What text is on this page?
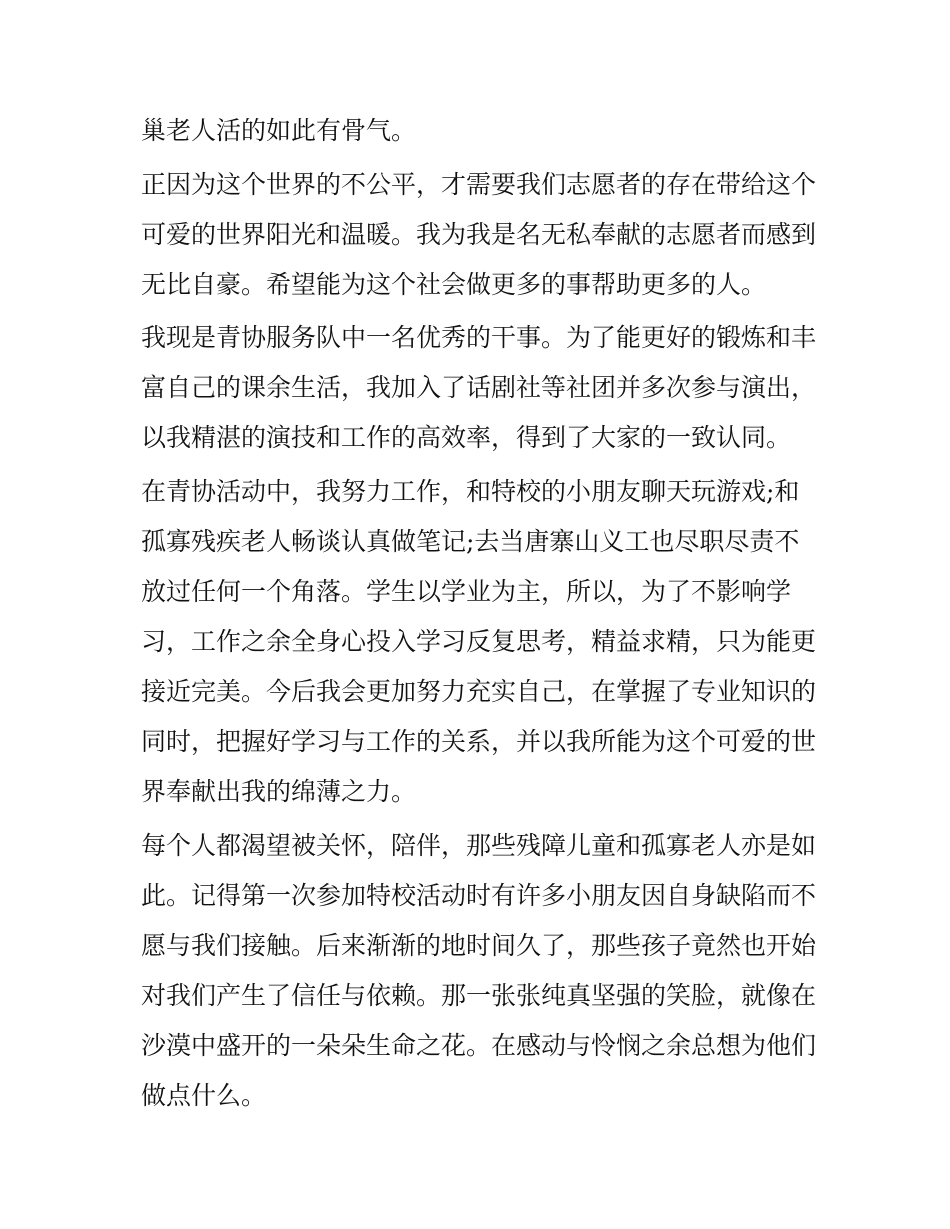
巢老人活的如此有骨气。
正因为这个世界的不公平，才需要我们志愿者的存在带给这个
可爱的世界阳光和温暖。我为我是名无私奉献的志愿者而感到
无比自豪。希望能为这个社会做更多的事帮助更多的人。
我现是青协服务队中一名优秀的干事。为了能更好的锻炼和丰
富自己的课余生活，我加入了话剧社等社团并多次参与演出，
以我精湛的演技和工作的高效率，得到了大家的一致认同。
在青协活动中，我努力工作，和特校的小朋友聊天玩游戏;和
孤寡残疾老人畅谈认真做笔记;去当唐寨山义工也尽职尽责不
放过任何一个角落。学生以学业为主，所以，为了不影响学
习，工作之余全身心投入学习反复思考，精益求精，只为能更
接近完美。今后我会更加努力充实自己，在掌握了专业知识的
同时，把握好学习与工作的关系，并以我所能为这个可爱的世
界奉献出我的绵薄之力。
每个人都渴望被关怀，陪伴，那些残障儿童和孤寡老人亦是如
此。记得第一次参加特校活动时有许多小朋友因自身缺陷而不
愿与我们接触。后来渐渐的地时间久了，那些孩子竟然也开始
对我们产生了信任与依赖。那一张张纯真坚强的笑脸，就像在
沙漠中盛开的一朵朵生命之花。在感动与怜悯之余总想为他们
做点什么。
